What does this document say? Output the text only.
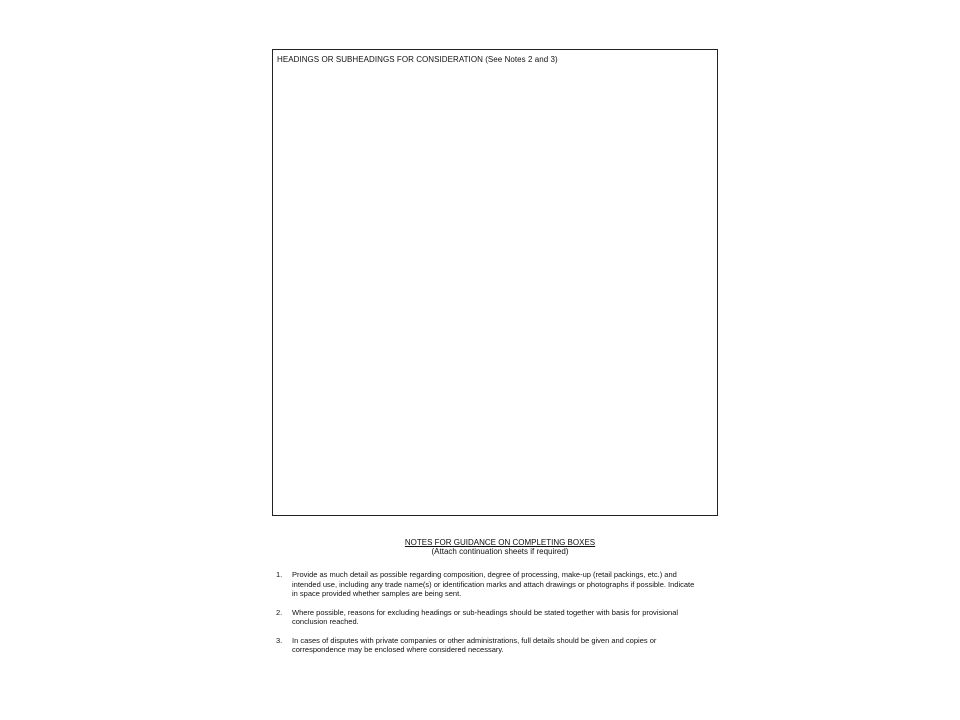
HEADINGS OR SUBHEADINGS FOR CONSIDERATION (See Notes 2 and 3)
NOTES FOR GUIDANCE ON COMPLETING BOXES
(Attach continuation sheets if required)
1.	Provide as much detail as possible regarding composition, degree of processing, make-up (retail packings, etc.) and intended use, including any trade name(s) or identification marks and attach drawings or photographs if possible. Indicate in space provided whether samples are being sent.
2.	Where possible, reasons for excluding headings or sub-headings should be stated together with basis for provisional conclusion reached.
3.	In cases of disputes with private companies or other administrations, full details should be given and copies or correspondence may be enclosed where considered necessary.
